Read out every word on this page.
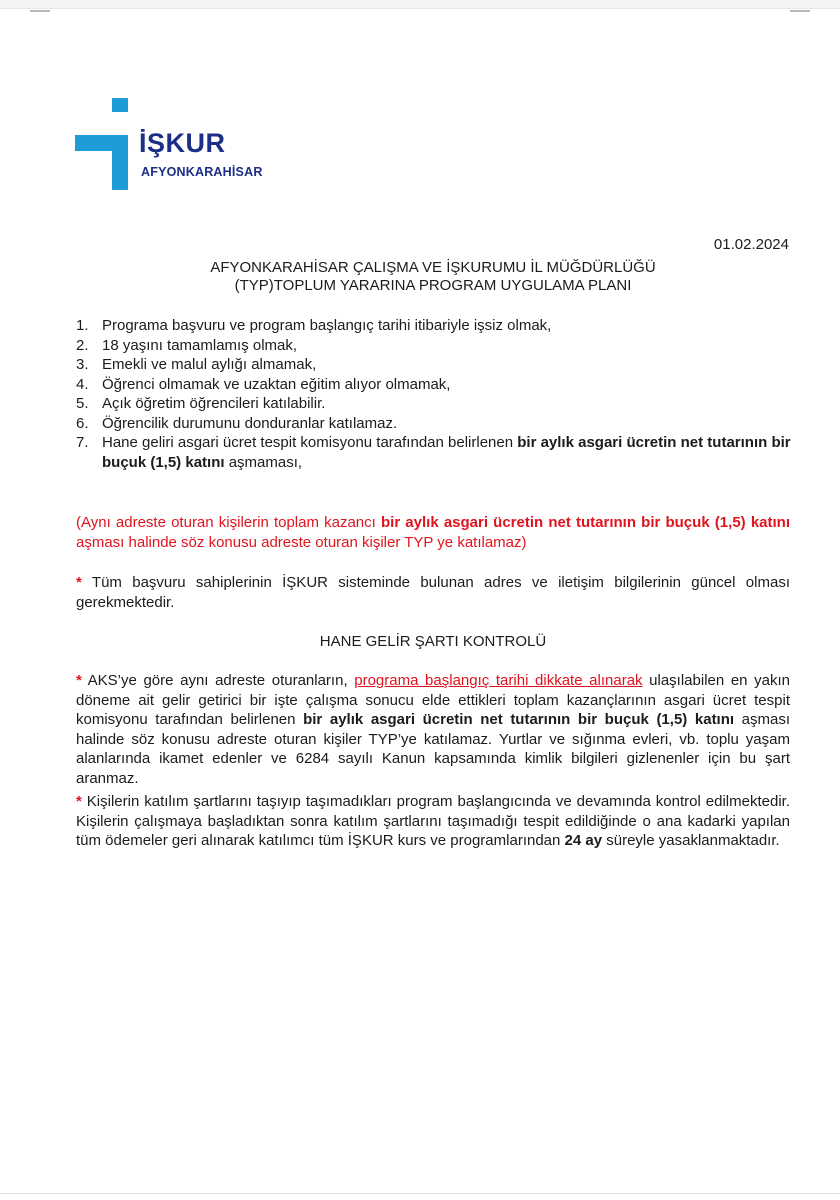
İŞKUR
AFYONKARAHİSAR
01.02.2024
AFYONKARAHİSAR ÇALIŞMA VE İŞKURUMU İL MÜĞDÜRLÜĞÜ
(TYP)TOPLUM YARARINA PROGRAM UYGULAMA PLANI
1. Programa başvuru ve program başlangıç tarihi itibariyle işsiz olmak,
2. 18 yaşını tamamlamış olmak,
3. Emekli ve malul aylığı almamak,
4. Öğrenci olmamak ve uzaktan eğitim alıyor olmamak,
5. Açık öğretim öğrencileri katılabilir.
6. Öğrencilik durumunu donduranlar katılamaz.
7. Hane geliri asgari ücret tespit komisyonu tarafından belirlenen bir aylık asgari ücretin net tutarının bir buçuk (1,5) katını aşmaması,
(Aynı adreste oturan kişilerin toplam kazancı bir aylık asgari ücretin net tutarının bir buçuk (1,5) katını aşması halinde söz konusu adreste oturan kişiler TYP ye katılamaz)
* Tüm başvuru sahiplerinin İŞKUR sisteminde bulunan adres ve iletişim bilgilerinin güncel olması gerekmektedir.
HANE GELİR ŞARTI KONTROLÜ
* AKS’ye göre aynı adreste oturanların, programa başlangıç tarihi dikkate alınarak ulaşılabilen en yakın döneme ait gelir getirici bir işte çalışma sonucu elde ettikleri toplam kazançlarının asgari ücret tespit komisyonu tarafından belirlenen bir aylık asgari ücretin net tutarının bir buçuk (1,5) katını aşması halinde söz konusu adreste oturan kişiler TYP’ye katılamaz. Yurtlar ve sığınma evleri, vb. toplu yaşam alanlarında ikamet edenler ve 6284 sayılı Kanun kapsamında kimlik bilgileri gizlenenler için bu şart aranmaz.
* Kişilerin katılım şartlarını taşıyıp taşımadıkları program başlangıcında ve devamında kontrol edilmektedir. Kişilerin çalışmaya başladıktan sonra katılım şartlarını taşımadığı tespit edildiğinde o ana kadarki yapılan tüm ödemeler geri alınarak katılımcı tüm İŞKUR kurs ve programlarından 24 ay süreyle yasaklanmaktadır.
